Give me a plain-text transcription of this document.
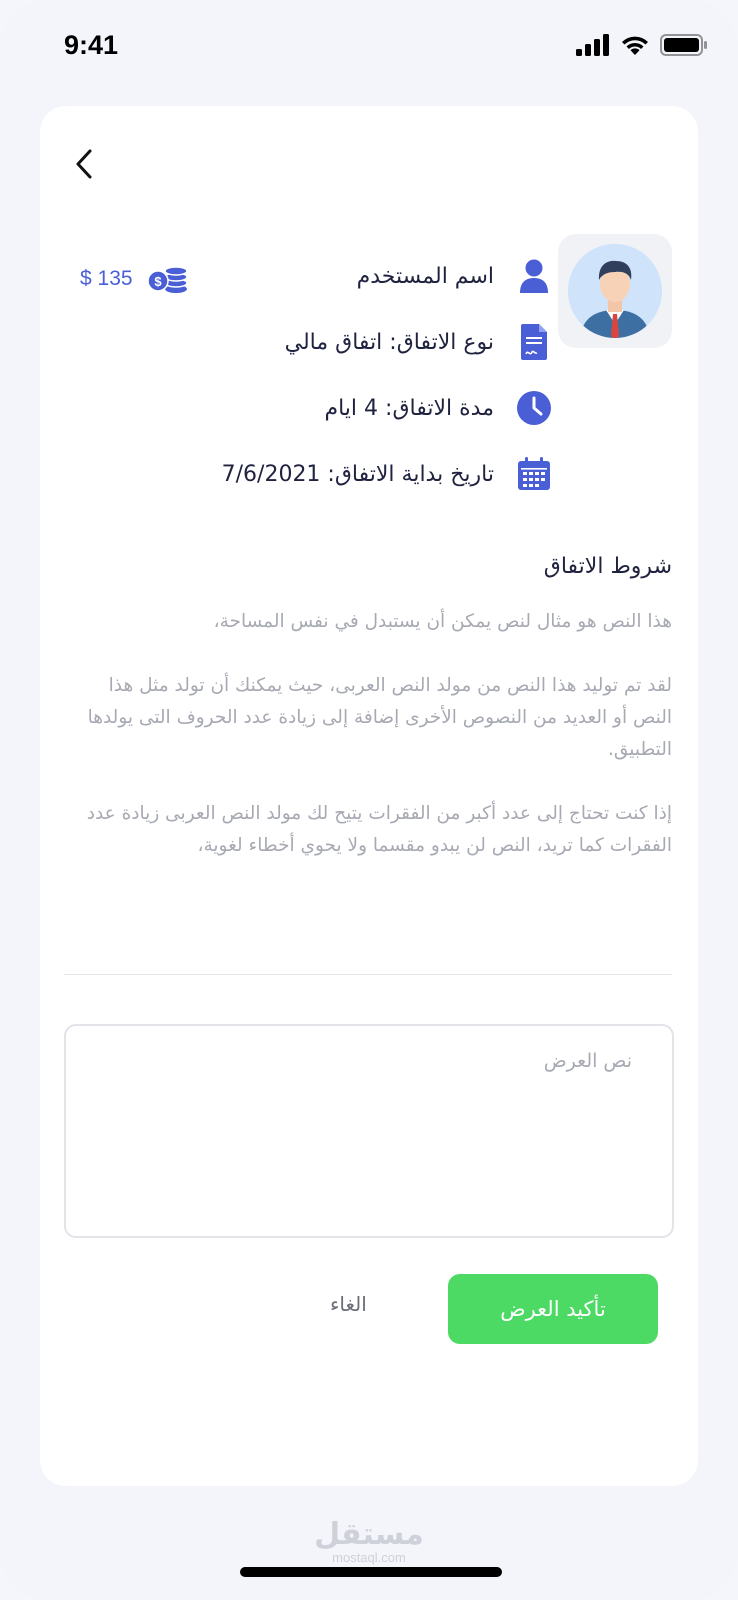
9:41
اسم المستخدم
$ 135 $
نوع الاتفاق: اتفاق مالي
مدة الاتفاق: 4 ايام
تاريخ بداية الاتفاق: 7/6/2021
شروط الاتفاق

هذا النص هو مثال لنص يمكن أن يستبدل في نفس المساحة،

لقد تم توليد هذا النص من مولد النص العربى، حيث يمكنك أن تولد مثل هذا النص أو العديد من النصوص الأخرى إضافة إلى زيادة عدد الحروف التى يولدها التطبيق.

إذا كنت تحتاج إلى عدد أكبر من الفقرات يتيح لك مولد النص العربى زيادة عدد الفقرات كما تريد، النص لن يبدو مقسما ولا يحوي أخطاء لغوية،

نص العرض
تأكيد العرض
الغاء
مستقل
mostaql.com
